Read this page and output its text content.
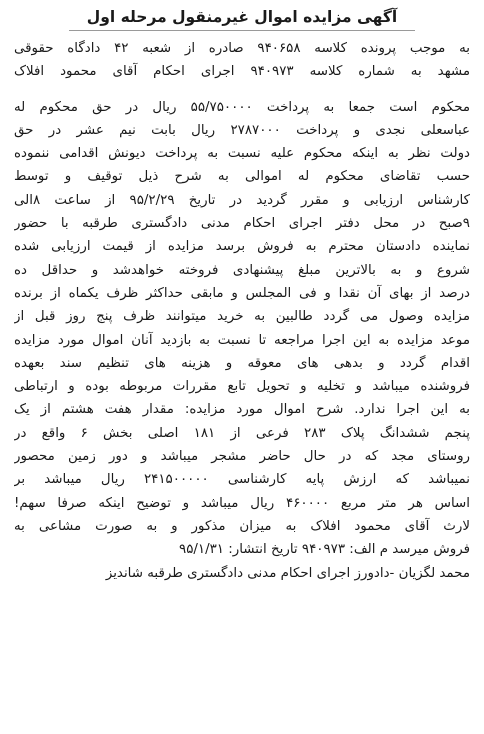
آگهی مزایده اموال غیرمنقول مرحله اول
به موجب پرونده کلاسه ۹۴۰۶۵۸ صادره از شعبه ۴۲ دادگاه حقوقی
مشهد به شماره کلاسه ۹۴۰۹۷۳ اجرای احکام آقای محمود افلاک
محکوم است جمعا به پرداخت ۵۵/۷۵۰۰۰۰ ریال در حق محکوم له
عباسعلی نجدی و پرداخت ۲۷۸۷۰۰۰ ریال بابت نیم عشر در حق
دولت نظر به اینکه محکوم علیه نسبت به پرداخت دیونش اقدامی ننموده
حسب تقاضای محکوم له اموالی به شرح ذیل توقیف و توسط
کارشناس ارزیابی و مقرر گردید در تاریخ ۹۵/۲/۲۹ از ساعت ۸الی
۹صبح در محل دفتر اجرای احکام مدنی دادگستری طرقبه با حضور
نماینده دادستان محترم به فروش برسد مزایده از قیمت ارزیابی شده
شروع و به بالاترین مبلغ پیشنهادی فروخته خواهدشد و حداقل ده
درصد از بهای آن نقدا و فی المجلس و مابقی حداکثر ظرف یکماه از برنده
مزایده وصول می گردد طالبین به خرید میتوانند ظرف پنج روز قبل از
موعد مزایده به این اجرا مراجعه تا نسبت به بازدید آنان اموال مورد مزایده
اقدام گردد و بدهی های معوقه و هزینه های تنظیم سند بعهده
فروشنده میباشد و تخلیه و تحویل تابع مقررات مربوطه بوده و ارتباطی
به این اجرا ندارد. شرح اموال مورد مزایده: مقدار هفت هشتم از یک
پنجم ششدانگ پلاک ۲۸۳ فرعی از ۱۸۱ اصلی بخش ۶ واقع در
روستای مجد که در حال حاضر مشجر میباشد و دور زمین محصور
نمیباشد که ارزش پایه کارشناسی ۲۴۱۵۰۰۰۰۰ ریال میباشد بر
اساس هر متر مربع ۴۶۰۰۰۰ ریال میباشد و توضیح اینکه صرفا سهم!
لارث آقای محمود افلاک به میزان مذکور و به صورت مشاعی به
فروش میرسد م الف: ۹۴۰۹۷۳ تاریخ انتشار: ۹۵/۱/۳۱
محمد لگزیان -دادورز اجرای احکام مدنی دادگستری طرقبه شاندیز
